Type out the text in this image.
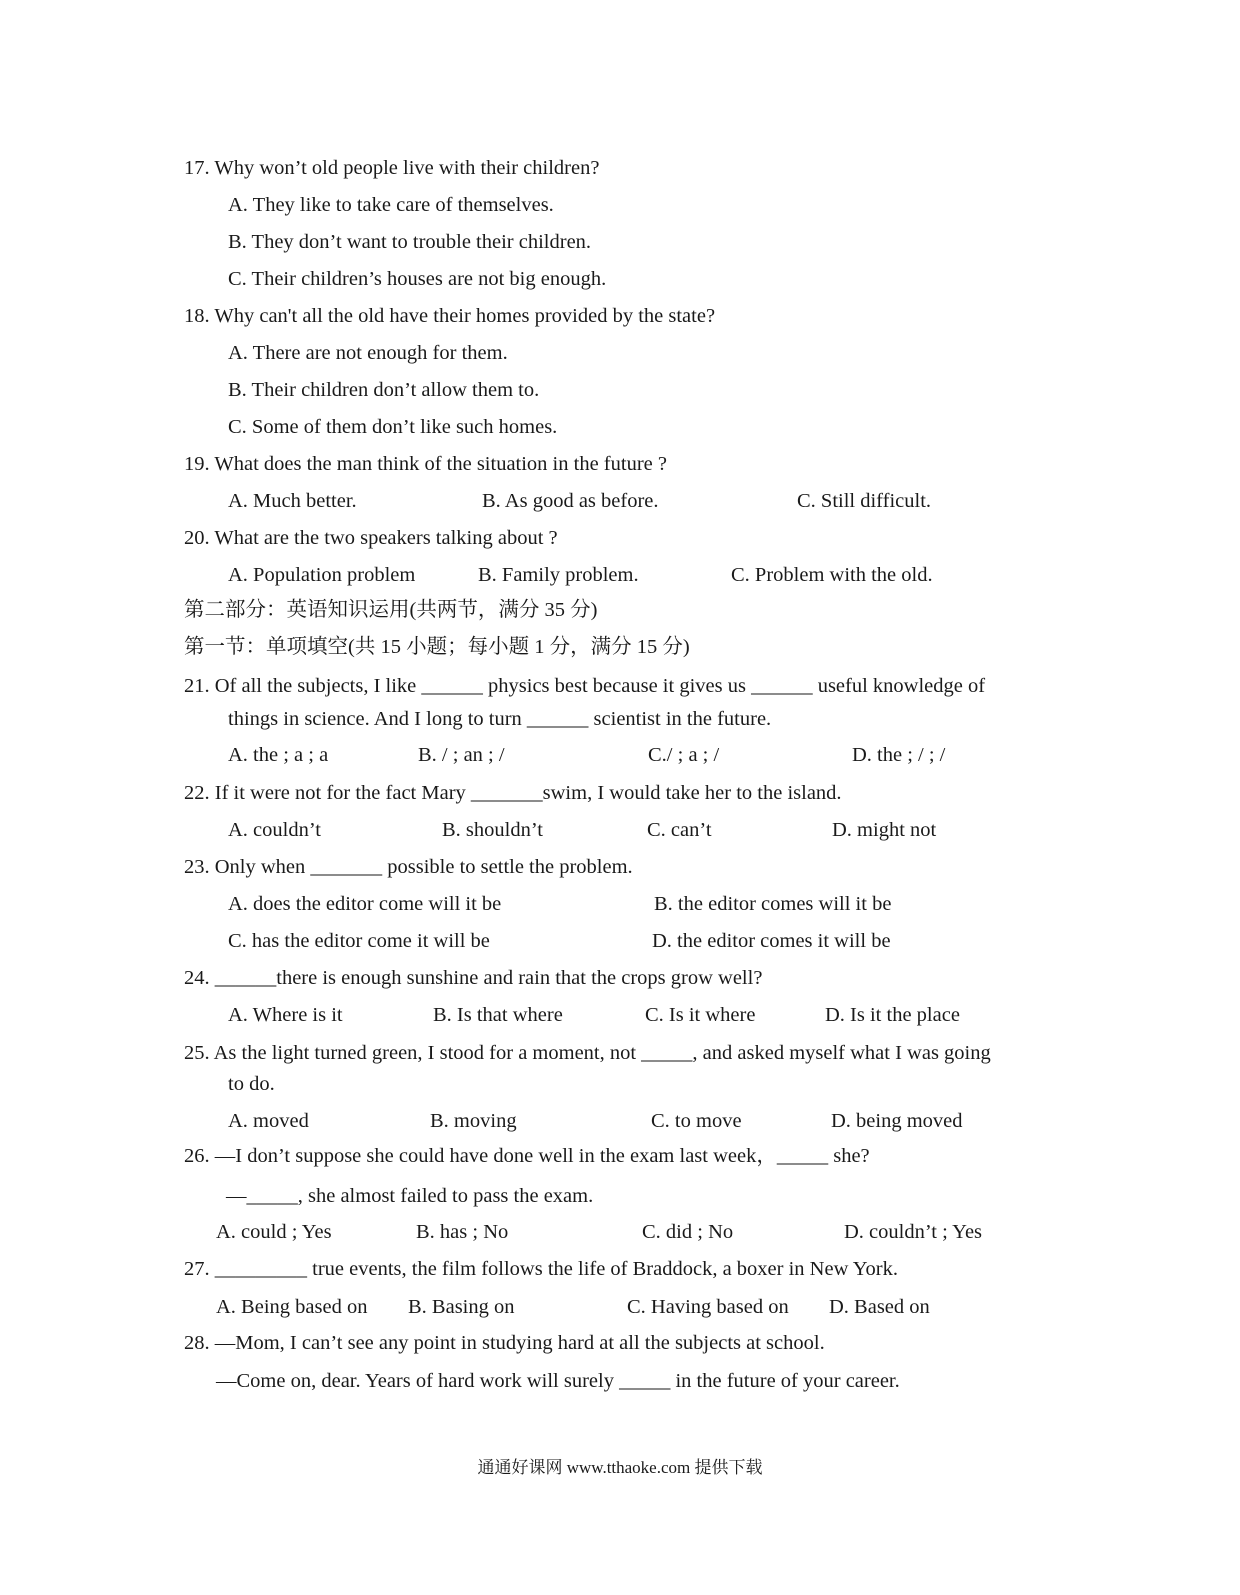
17. Why won’t old people live with their children?
A. They like to take care of themselves.
B. They don’t want to trouble their children.
C. Their children’s houses are not big enough.
18. Why can't all the old have their homes provided by the state?
A. There are not enough for them.
B. Their children don’t allow them to.
C. Some of them don’t like such homes.
19. What does the man think of the situation in the future ?
A. Much better.	B. As good as before.	C. Still difficult.
20. What are the two speakers talking about ?
A. Population problem	B. Family problem.	C. Problem with the old.
第二部分：英语知识运用(共两节，满分 35 分)
第一节：单项填空(共 15 小题；每小题 1 分，满分 15 分)
21. Of all the subjects, I like ______ physics best because it gives us ______ useful knowledge of
things in science. And I long to turn ______ scientist in the future.
A. the ; a ; a	B. / ; an ; /	C./ ; a ; /	D. the ; / ; /
22. If it were not for the fact Mary _______swim, I would take her to the island.
A. couldn’t	B. shouldn’t	C. can’t	D. might not
23. Only when _______ possible to settle the problem.
A. does the editor come will it be	B. the editor comes will it be
C. has the editor come it will be	D. the editor comes it will be
24. ______there is enough sunshine and rain that the crops grow well?
A. Where is it	B. Is that where	C. Is it where	D. Is it the place
25. As the light turned green, I stood for a moment, not _____, and asked myself what I was going
to do.
A. moved	B. moving	C. to move	D. being moved
26. —I don’t suppose she could have done well in the exam last week，_____ she?
—_____, she almost failed to pass the exam.
A. could ; Yes	B. has ; No	C. did ; No	D. couldn’t ; Yes
27. _________ true events, the film follows the life of Braddock, a boxer in New York.
A. Being based on B. Basing on	C. Having based on D. Based on
28. —Mom, I can’t see any point in studying hard at all the subjects at school.
—Come on, dear. Years of hard work will surely _____ in the future of your career.
通通好课网 www.tthaoke.com 提供下载
